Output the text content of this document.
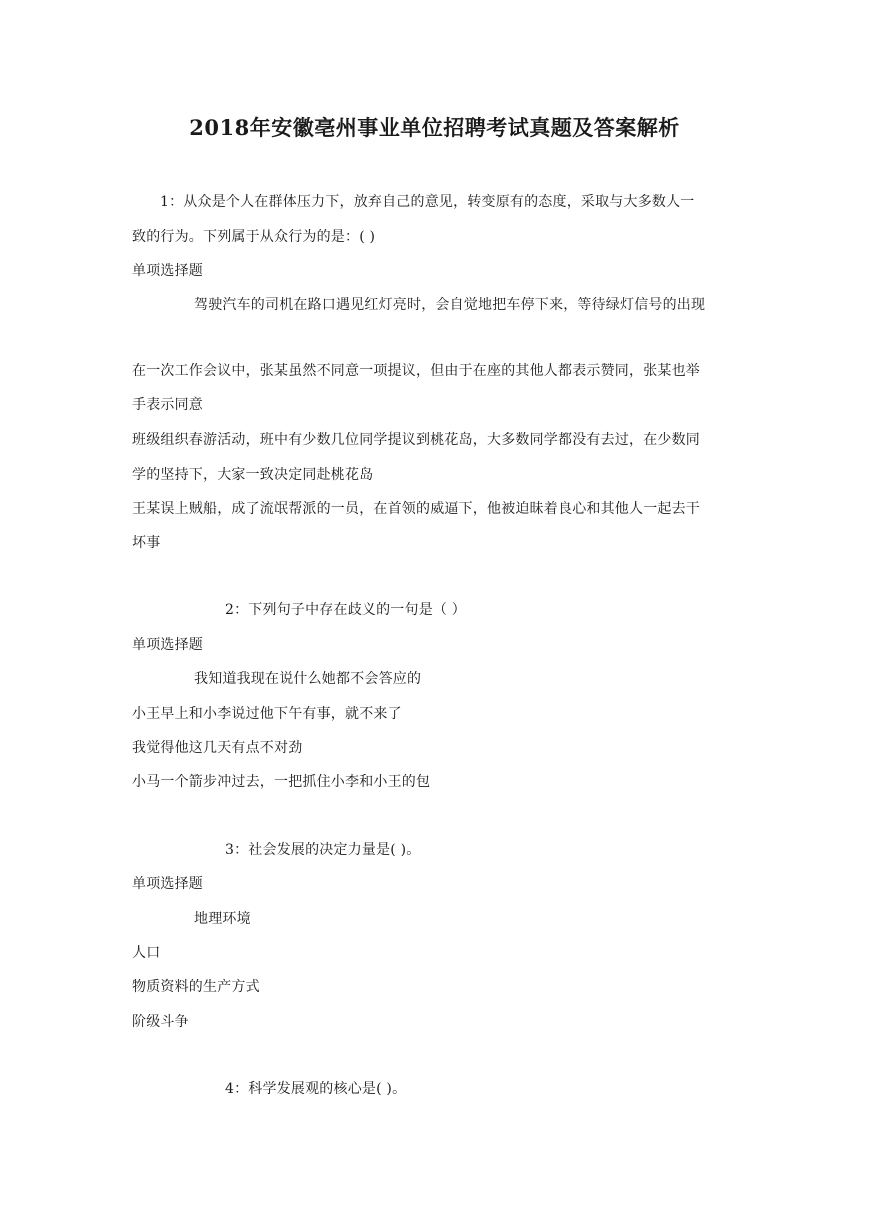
2018年安徽亳州事业单位招聘考试真题及答案解析
1：从众是个人在群体压力下，放弃自己的意见，转变原有的态度，采取与大多数人一
致的行为。下列属于从众行为的是：( )
单项选择题
驾驶汽车的司机在路口遇见红灯亮时，会自觉地把车停下来，等待绿灯信号的出现
在一次工作会议中，张某虽然不同意一项提议，但由于在座的其他人都表示赞同，张某也举
手表示同意
班级组织春游活动，班中有少数几位同学提议到桃花岛，大多数同学都没有去过，在少数同
学的坚持下，大家一致决定同赴桃花岛
王某误上贼船，成了流氓帮派的一员，在首领的威逼下，他被迫昧着良心和其他人一起去干
坏事
2：下列句子中存在歧义的一句是（ ）
单项选择题
我知道我现在说什么她都不会答应的
小王早上和小李说过他下午有事，就不来了
我觉得他这几天有点不对劲
小马一个箭步冲过去，一把抓住小李和小王的包
3：社会发展的决定力量是( )。
单项选择题
地理环境
人口
物质资料的生产方式
阶级斗争
4：科学发展观的核心是( )。
